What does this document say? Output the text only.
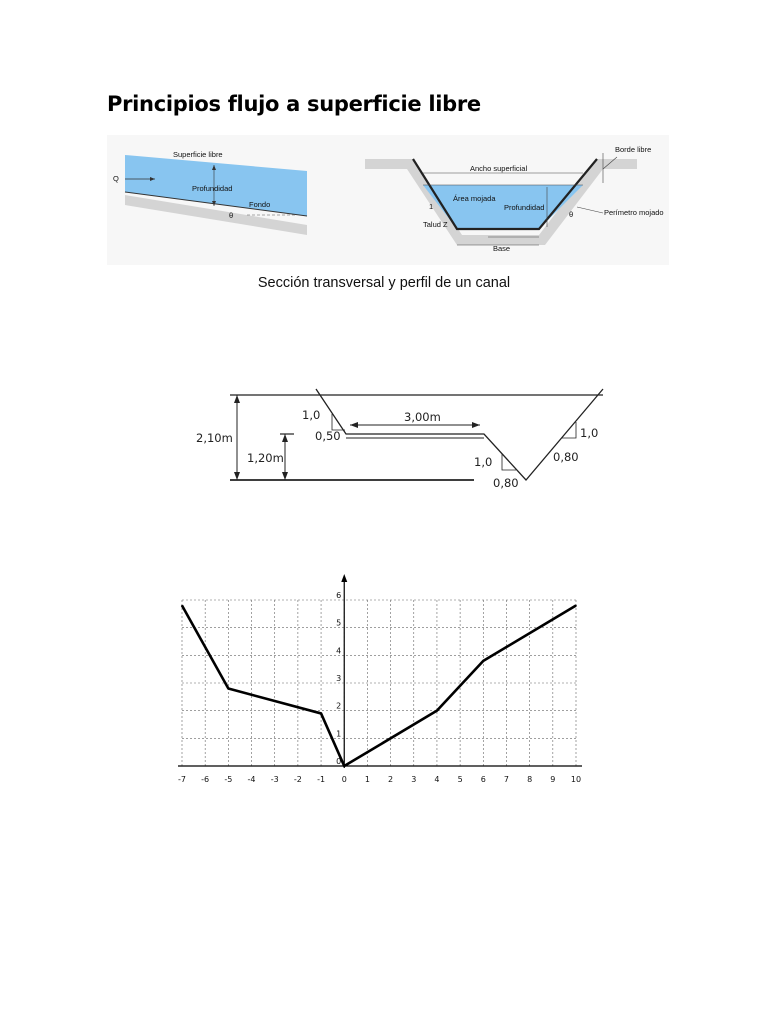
Principios flujo a superficie libre
Superficie libre
Q
Profundidad
Fondo
θ
Ancho superficial
Borde libre
Área mojada
Profundidad
1
Talud Z
Perímetro mojado
Base
θ
Sección transversal y perfil de un canal
2,10m
1,20m
3,00m
1,0
0,50
1,0
0,80
1,0
0,80
-7 -6 -5 -4 -3 -2 -1 0 1 2 3 4 5 6 7 8 9 10
0
1
2
3
4
5
6
